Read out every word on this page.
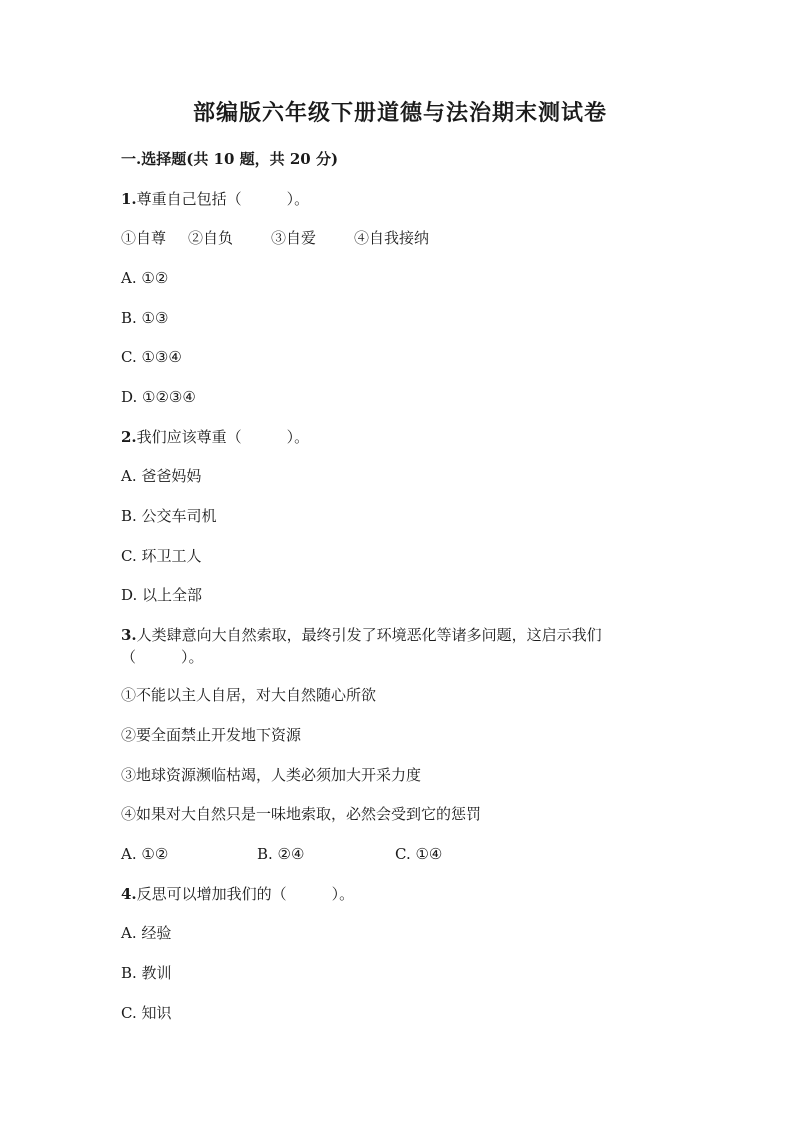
部编版六年级下册道德与法治期末测试卷
一.选择题(共 10 题，共 20 分)
1.尊重自己包括（　　　）。
①自尊 ②自负	③自爱	④自我接纳
A. ①②
B. ①③
C. ①③④
D. ①②③④
2.我们应该尊重（　　　）。
A. 爸爸妈妈
B. 公交车司机
C. 环卫工人
D. 以上全部
3.人类肆意向大自然索取，最终引发了环境恶化等诸多问题，这启示我们
（　　　）。
①不能以主人自居，对大自然随心所欲
②要全面禁止开发地下资源
③地球资源濒临枯竭，人类必须加大开采力度
④如果对大自然只是一味地索取，必然会受到它的惩罚
A. ①②	B. ②④	C. ①④
4.反思可以增加我们的（　　　）。
A. 经验
B. 教训
C. 知识
